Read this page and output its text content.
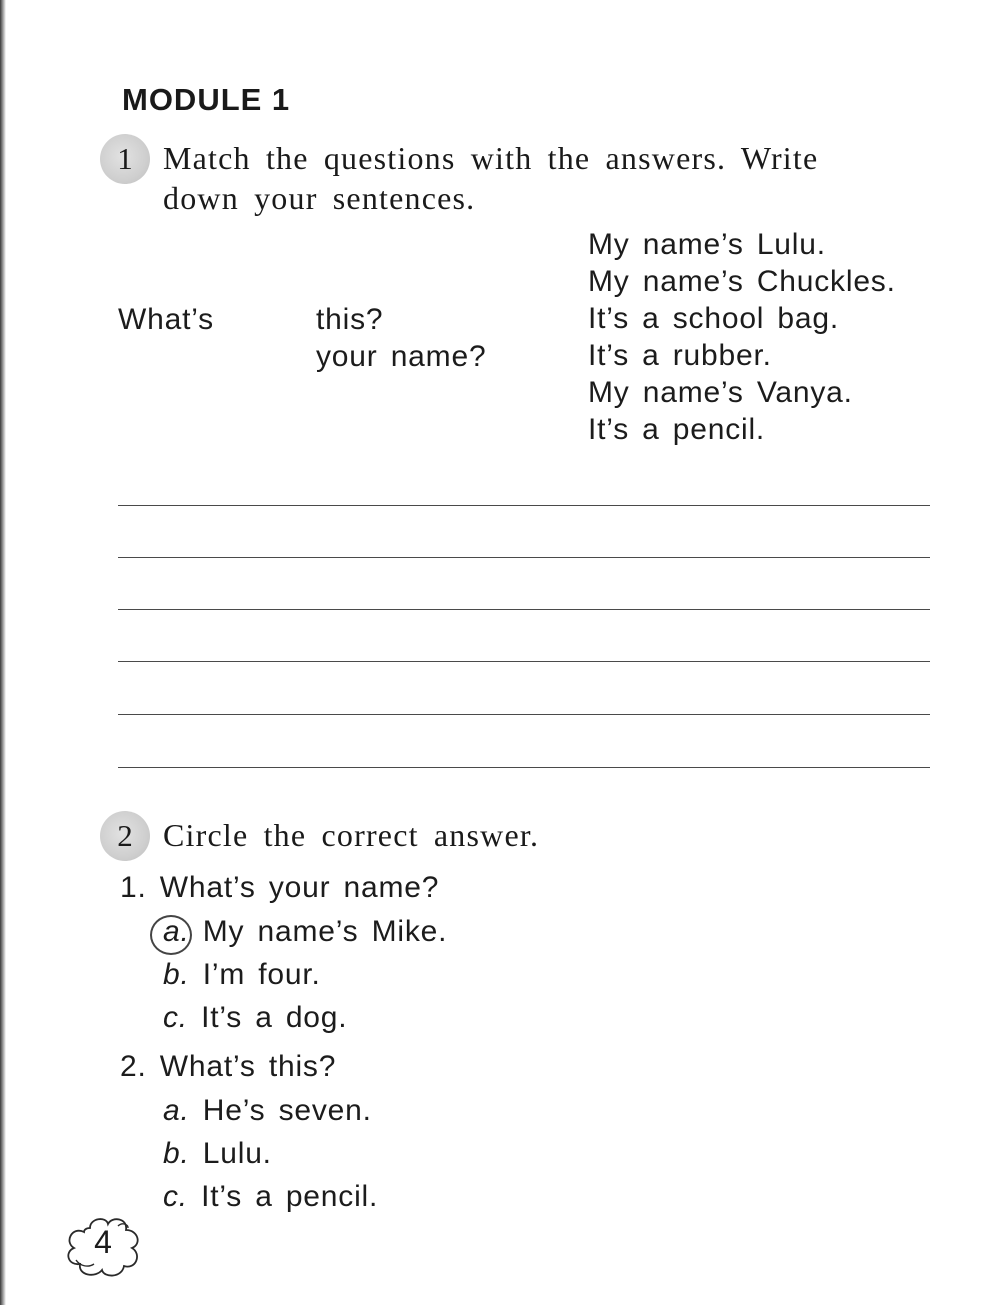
MODULE 1
1 Match the questions with the answers. Write
down your sentences.
What’s	this?
your name?
My name’s Lulu.
My name’s Chuckles.
It’s a school bag.
It’s a rubber.
My name’s Vanya.
It’s a pencil.
2 Circle the correct answer.
1. What’s your name?
a. My name’s Mike.
b. I’m four.
c. It’s a dog.
2. What’s this?
a. He’s seven.
b. Lulu.
c. It’s a pencil.
4
